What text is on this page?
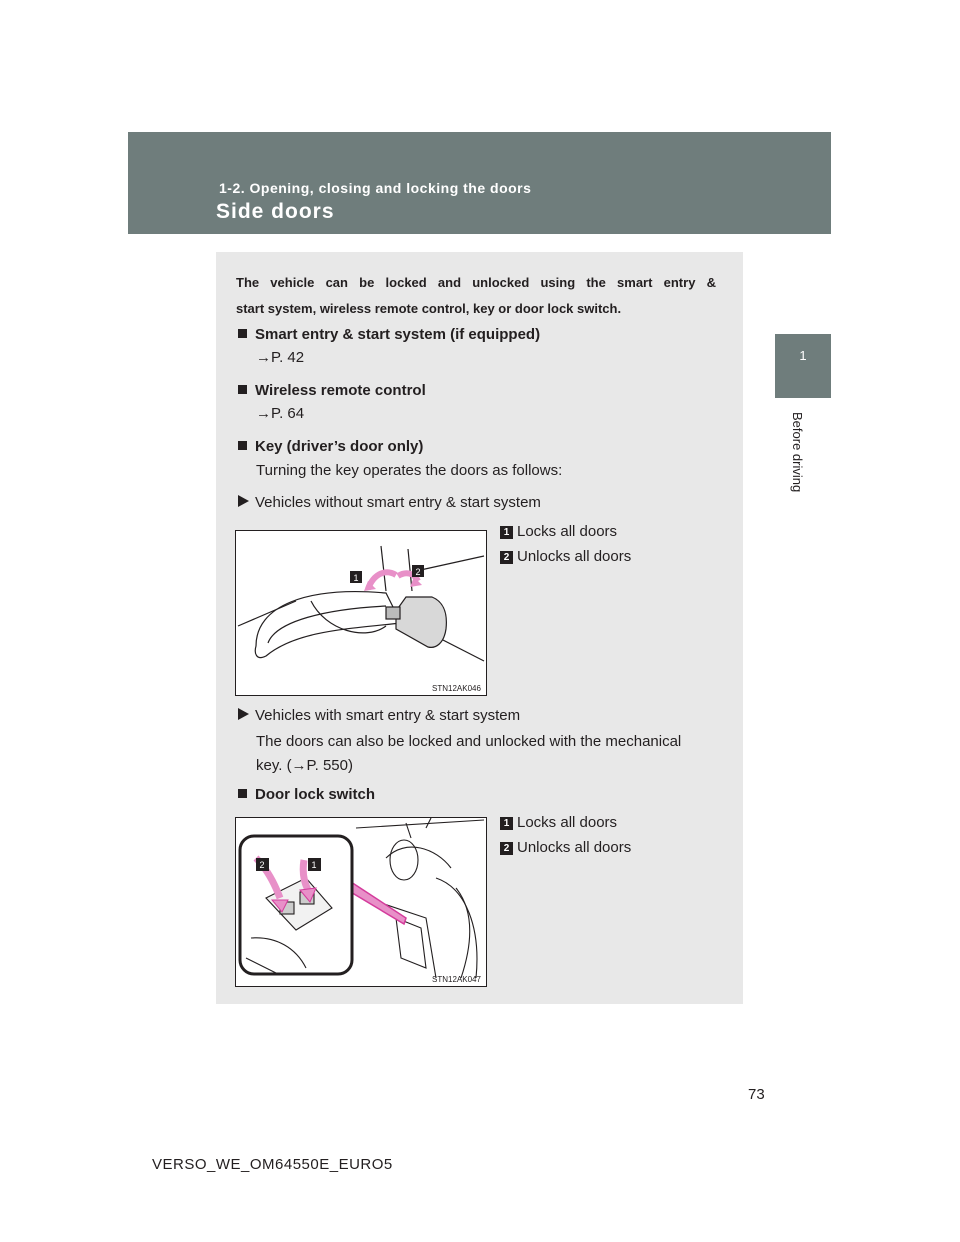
1-2. Opening, closing and locking the doors
Side doors
1
Before driving
The vehicle can be locked and unlocked using the smart entry &
start system, wireless remote control, key or door lock switch.
Smart entry & start system (if equipped)
→P. 42
Wireless remote control
→P. 64
Key (driver’s door only)
Turning the key operates the doors as follows:
Vehicles without smart entry & start system
1 Locks all doors
2 Unlocks all doors
1
2
STN12AK046
Vehicles with smart entry & start system
The doors can also be locked and unlocked with the mechanical
key. (→P. 550)
Door lock switch
1 Locks all doors
2 Unlocks all doors
2	1
STN12AK047
73
VERSO_WE_OM64550E_EURO5
